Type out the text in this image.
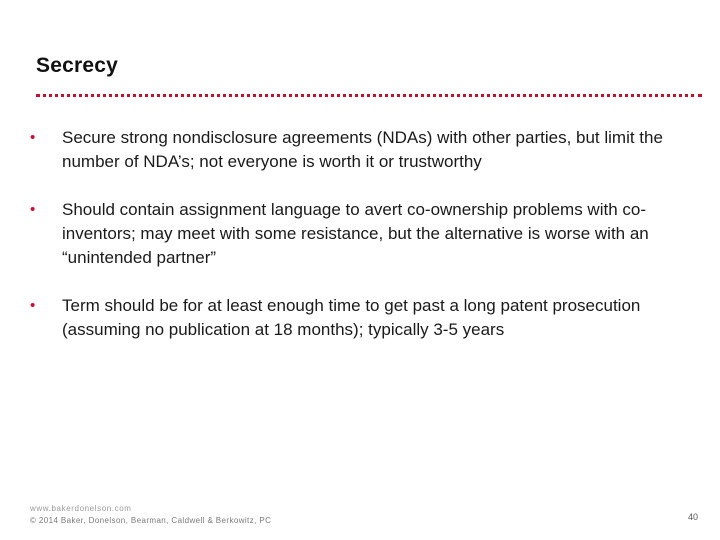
Secrecy
• Secure strong nondisclosure agreements (NDAs) with other parties, but limit the number of NDA’s; not everyone is worth it or trustworthy
• Should contain assignment language to avert co-ownership problems with co-inventors; may meet with some resistance, but the alternative is worse with an “unintended partner”
• Term should be for at least enough time to get past a long patent prosecution (assuming no publication at 18 months); typically 3-5 years
www.bakerdonelson.com
© 2014 Baker, Donelson, Bearman, Caldwell & Berkowitz, PC	40
